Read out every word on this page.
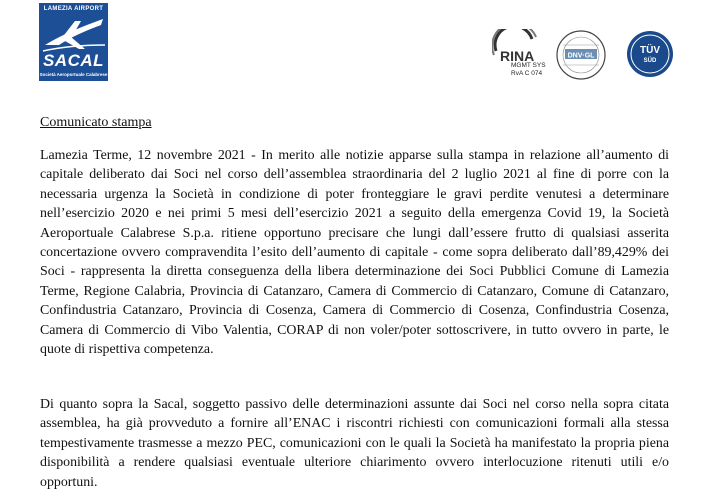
LAMEZIA AIRPORT
SACAL
Società Aeroportuale Calabrese
RINA
MGMT SYS
RvA C 074
DNV·GL	TÜV
SÜD
Comunicato stampa

Lamezia Terme, 12 novembre 2021 - In merito alle notizie apparse sulla stampa in relazione all’aumento di capitale deliberato dai Soci nel corso dell’assemblea straordinaria del 2 luglio 2021 al fine di porre con la necessaria urgenza la Società in condizione di poter fronteggiare le gravi perdite venutesi a determinare nell’esercizio 2020 e nei primi 5 mesi dell’esercizio 2021 a seguito della emergenza Covid 19, la Società Aeroportuale Calabrese S.p.a. ritiene opportuno precisare che lungi dall’essere frutto di qualsiasi asserita concertazione ovvero compravendita l’esito dell’aumento di capitale - come sopra deliberato dall’89,429% dei Soci - rappresenta la diretta conseguenza della libera determinazione dei Soci Pubblici Comune di Lamezia Terme, Regione Calabria, Provincia di Catanzaro, Camera di Commercio di Catanzaro, Comune di Catanzaro, Confindustria Catanzaro, Provincia di Cosenza, Camera di Commercio di Cosenza, Confindustria Cosenza, Camera di Commercio di Vibo Valentia, CORAP di non voler/poter sottoscrivere, in tutto ovvero in parte, le quote di rispettiva competenza.

Di quanto sopra la Sacal, soggetto passivo delle determinazioni assunte dai Soci nel corso nella sopra citata assemblea, ha già provveduto a fornire all’ENAC i riscontri richiesti con comunicazioni formali alla stessa tempestivamente trasmesse a mezzo PEC, comunicazioni con le quali la Società ha manifestato la propria piena disponibilità a rendere qualsiasi eventuale ulteriore chiarimento ovvero interlocuzione ritenuti utili e/o opportuni.
